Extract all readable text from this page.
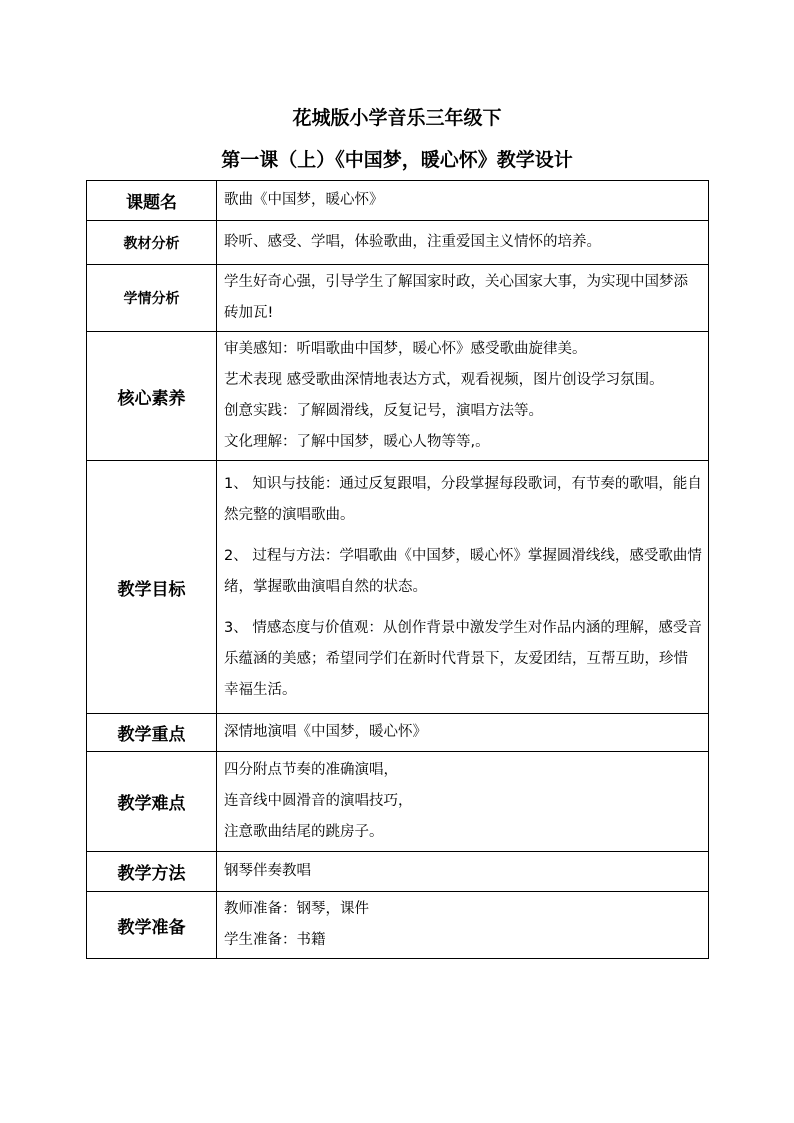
花城版小学音乐三年级下
第一课（上）《中国梦，暖心怀》教学设计
课题名	歌曲《中国梦，暖心怀》
教材分析	聆听、感受、学唱，体验歌曲，注重爱国主义情怀的培养。
学情分析	学生好奇心强，引导学生了解国家时政，关心国家大事，为实现中国梦添砖加瓦!
核心素养	审美感知：听唱歌曲中国梦，暖心怀》感受歌曲旋律美。
艺术表现 感受歌曲深情地表达方式，观看视频，图片创设学习氛围。
创意实践：了解圆滑线，反复记号，演唱方法等。
文化理解：了解中国梦，暖心人物等等,。

教学目标	1、 知识与技能：通过反复跟唱，分段掌握每段歌词，有节奏的歌唱，能自然完整的演唱歌曲。

2、 过程与方法：学唱歌曲《中国梦，暖心怀》掌握圆滑线线，感受歌曲情绪，掌握歌曲演唱自然的状态。

3、 情感态度与价值观：从创作背景中激发学生对作品内涵的理解，感受音乐蕴涵的美感；希望同学们在新时代背景下，友爱团结，互帮互助，珍惜幸福生活。

教学重点	深情地演唱《中国梦，暖心怀》
教学难点	四分附点节奏的准确演唱，
连音线中圆滑音的演唱技巧，
注意歌曲结尾的跳房子。

教学方法	钢琴伴奏教唱
教学准备	教师准备：钢琴，课件
学生准备：书籍
